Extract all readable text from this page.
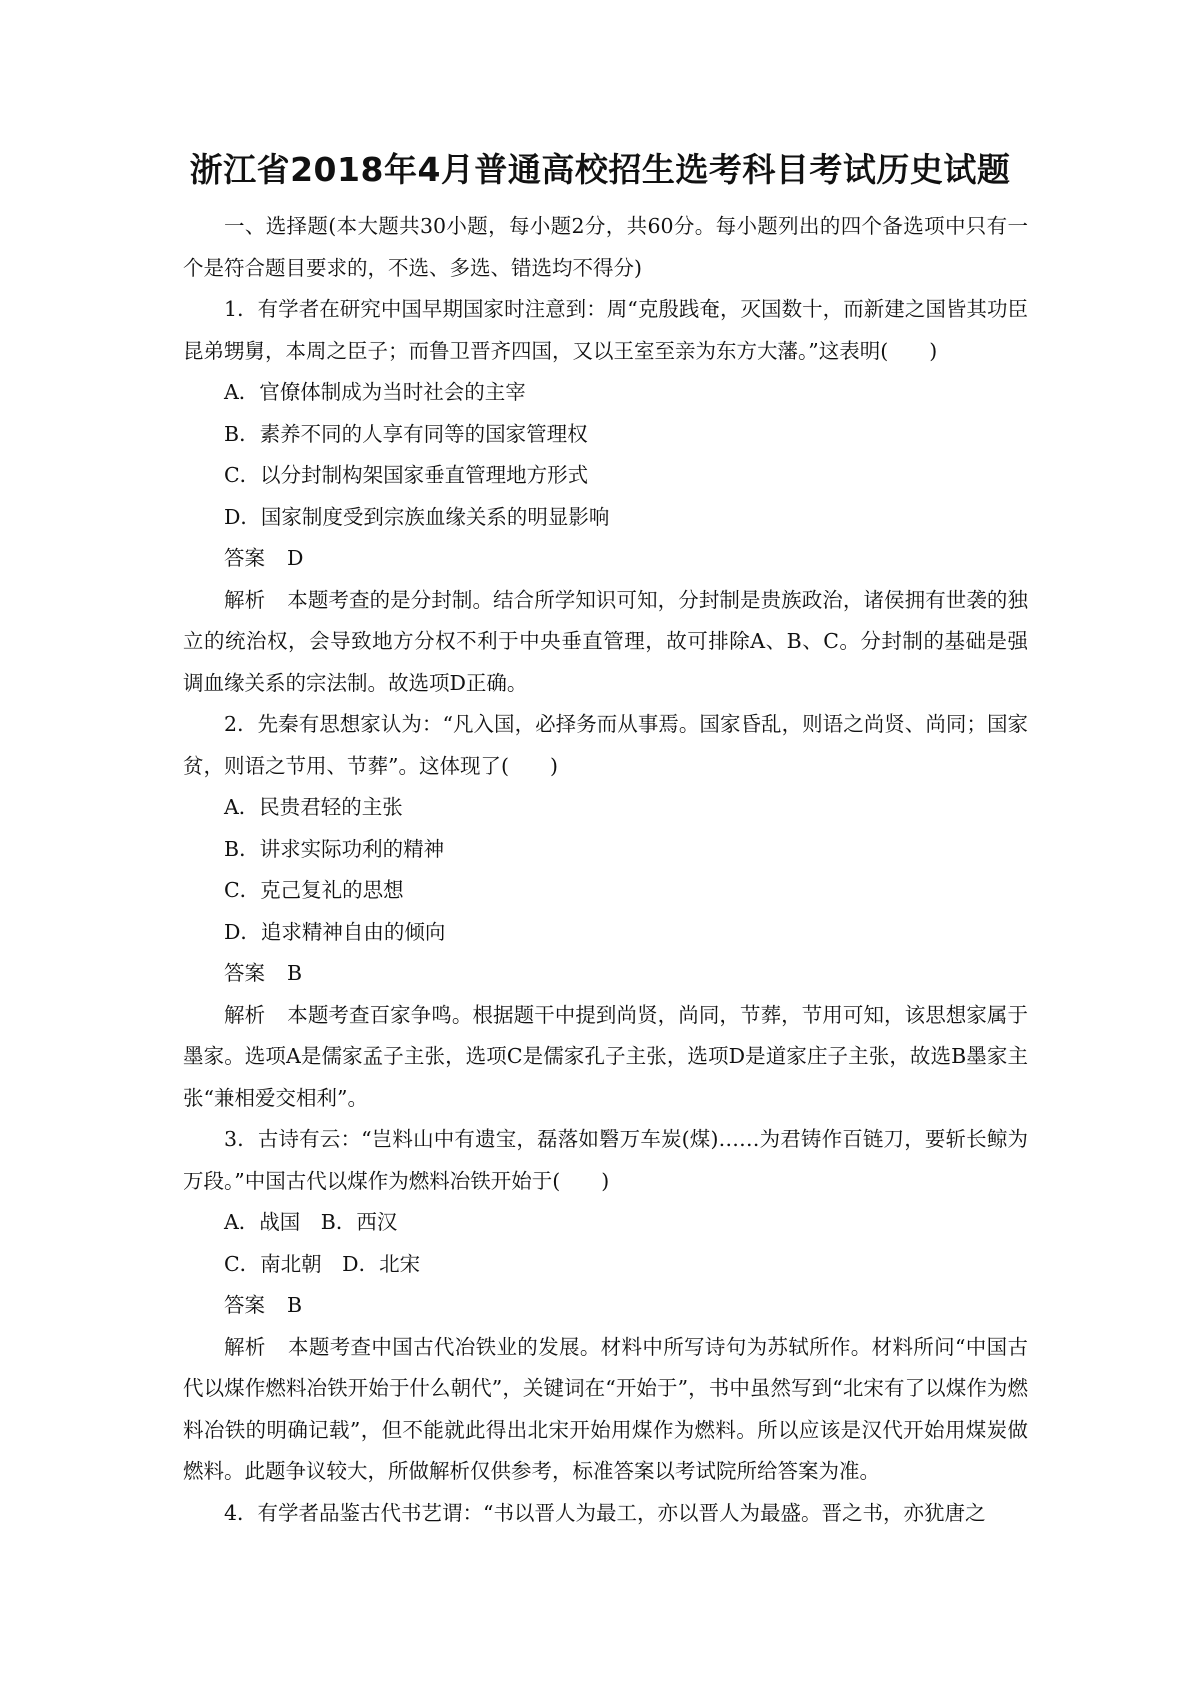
浙江省2018年4月普通高校招生选考科目考试历史试题

一、选择题(本大题共30小题，每小题2分，共60分。每小题列出的四个备选项中只有一个是符合题目要求的，不选、多选、错选均不得分)

1．有学者在研究中国早期国家时注意到：周“克殷践奄，灭国数十，而新建之国皆其功臣昆弟甥舅，本周之臣子；而鲁卫晋齐四国，又以王室至亲为东方大藩。”这表明(　　)

A．官僚体制成为当时社会的主宰

B．素养不同的人享有同等的国家管理权

C．以分封制构架国家垂直管理地方形式

D．国家制度受到宗族血缘关系的明显影响

答案 D

解析 本题考查的是分封制。结合所学知识可知，分封制是贵族政治，诸侯拥有世袭的独立的统治权，会导致地方分权不利于中央垂直管理，故可排除A、B、C。分封制的基础是强调血缘关系的宗法制。故选项D正确。

2．先秦有思想家认为：“凡入国，必择务而从事焉。国家昏乱，则语之尚贤、尚同；国家贫，则语之节用、节葬”。这体现了(　　)

A．民贵君轻的主张

B．讲求实际功利的精神

C．克己复礼的思想

D．追求精神自由的倾向

答案 B

解析 本题考查百家争鸣。根据题干中提到尚贤，尚同，节葬，节用可知，该思想家属于墨家。选项A是儒家孟子主张，选项C是儒家孔子主张，选项D是道家庄子主张，故选B墨家主张“兼相爱交相利”。

3．古诗有云：“岂料山中有遗宝，磊落如䃜万车炭(煤)……为君铸作百链刀，要斩长鲸为万段。”中国古代以煤作为燃料冶铁开始于(　　)

A．战国　B．西汉

C．南北朝　D．北宋

答案 B

解析 本题考查中国古代冶铁业的发展。材料中所写诗句为苏轼所作。材料所问“中国古代以煤作燃料冶铁开始于什么朝代”，关键词在“开始于”，书中虽然写到“北宋有了以煤作为燃料冶铁的明确记载”，但不能就此得出北宋开始用煤作为燃料。所以应该是汉代开始用煤炭做燃料。此题争议较大，所做解析仅供参考，标准答案以考试院所给答案为准。

4．有学者品鉴古代书艺谓：“书以晋人为最工，亦以晋人为最盛。晋之书，亦犹唐之
